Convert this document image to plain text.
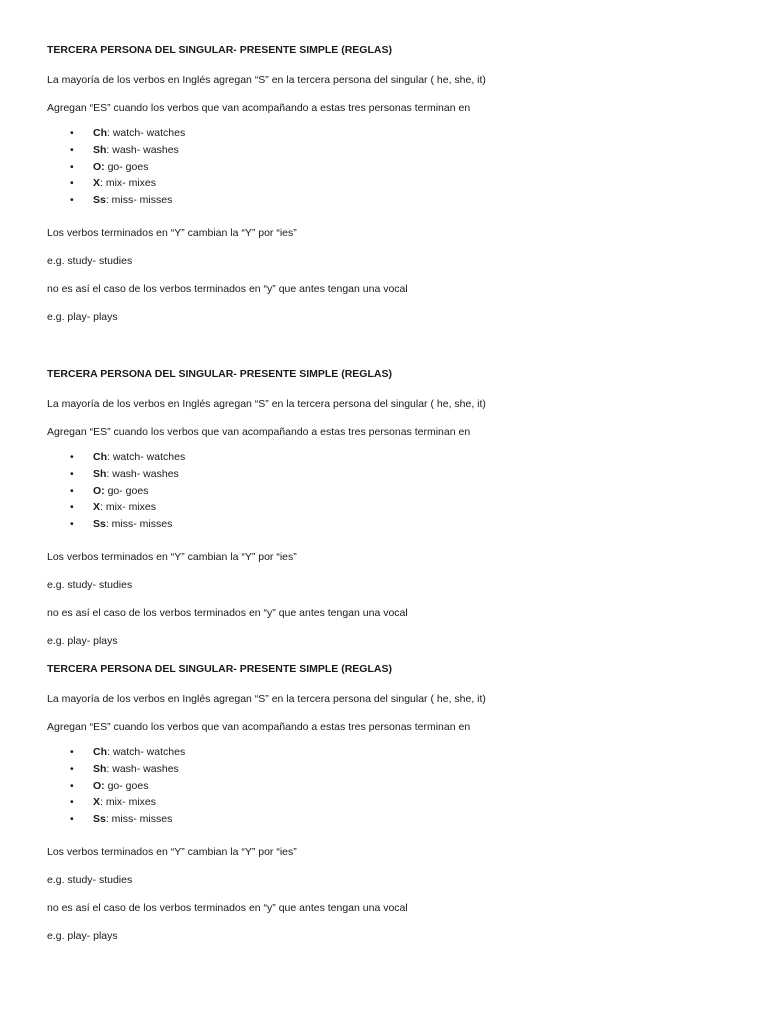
TERCERA PERSONA DEL SINGULAR- PRESENTE SIMPLE (REGLAS)

La mayoría de los verbos en Inglés agregan “S” en la tercera persona del singular ( he, she, it)

Agregan “ES” cuando los verbos que van acompañando a estas tres personas terminan en

• Ch: watch- watches
• Sh: wash- washes
• O: go- goes
• X: mix- mixes
• Ss: miss- misses

Los verbos terminados en “Y” cambian la “Y” por “ies”

e.g. study- studies

no es así el caso de los verbos terminados en “y” que antes tengan una vocal

e.g. play- plays

TERCERA PERSONA DEL SINGULAR- PRESENTE SIMPLE (REGLAS)

La mayoría de los verbos en Inglés agregan “S” en la tercera persona del singular ( he, she, it)

Agregan “ES” cuando los verbos que van acompañando a estas tres personas terminan en

• Ch: watch- watches
• Sh: wash- washes
• O: go- goes
• X: mix- mixes
• Ss: miss- misses

Los verbos terminados en “Y” cambian la “Y” por “ies”

e.g. study- studies

no es así el caso de los verbos terminados en “y” que antes tengan una vocal

e.g. play- plays

TERCERA PERSONA DEL SINGULAR- PRESENTE SIMPLE (REGLAS)

La mayoría de los verbos en Inglés agregan “S” en la tercera persona del singular ( he, she, it)

Agregan “ES” cuando los verbos que van acompañando a estas tres personas terminan en

• Ch: watch- watches
• Sh: wash- washes
• O: go- goes
• X: mix- mixes
• Ss: miss- misses

Los verbos terminados en “Y” cambian la “Y” por “ies”

e.g. study- studies

no es así el caso de los verbos terminados en “y” que antes tengan una vocal

e.g. play- plays
